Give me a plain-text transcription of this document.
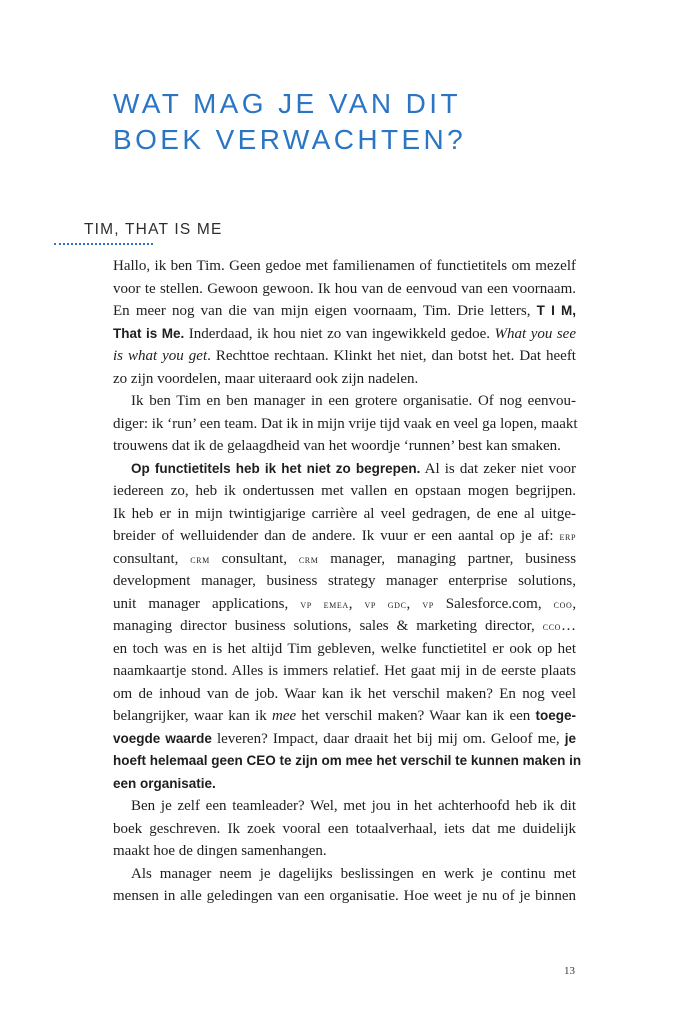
WAT MAG JE VAN DIT
BOEK VERWACHTEN?
TIM, THAT IS ME

Hallo, ik ben Tim. Geen gedoe met familienamen of functietitels om mezelf
voor te stellen. Gewoon gewoon. Ik hou van de eenvoud van een voornaam.
En meer nog van die van mijn eigen voornaam, Tim. Drie letters, T I M,
That is Me. Inderdaad, ik hou niet zo van ingewikkeld gedoe. What you see
is what you get. Rechttoe rechtaan. Klinkt het niet, dan botst het. Dat heeft
zo zijn voordelen, maar uiteraard ook zijn nadelen.

Ik ben Tim en ben manager in een grotere organisatie. Of nog eenvou-
diger: ik ‘run’ een team. Dat ik in mijn vrije tijd vaak en veel ga lopen, maakt
trouwens dat ik de gelaagdheid van het woordje ‘runnen’ best kan smaken.

Op functietitels heb ik het niet zo begrepen. Al is dat zeker niet voor
iedereen zo, heb ik ondertussen met vallen en opstaan mogen begrijpen.
Ik heb er in mijn twintigjarige carrière al veel gedragen, de ene al uitge-
breider of welluidender dan de andere. Ik vuur er een aantal op je af: erp
consultant, crm consultant, crm manager, managing partner, business
development manager, business strategy manager enterprise solutions,
unit manager applications, vp emea, vp gdc, vp Salesforce.com, coo,
managing director business solutions, sales & marketing director, cco…
en toch was en is het altijd Tim gebleven, welke functietitel er ook op het
naamkaartje stond. Alles is immers relatief. Het gaat mij in de eerste plaats
om de inhoud van de job. Waar kan ik het verschil maken? En nog veel
belangrijker, waar kan ik mee het verschil maken? Waar kan ik een toege-
voegde waarde leveren? Impact, daar draait het bij mij om. Geloof me, je
hoeft helemaal geen CEO te zijn om mee het verschil te kunnen maken in
een organisatie.

Ben je zelf een teamleader? Wel, met jou in het achterhoofd heb ik dit
boek geschreven. Ik zoek vooral een totaalverhaal, iets dat me duidelijk
maakt hoe de dingen samenhangen.

Als manager neem je dagelijks beslissingen en werk je continu met
mensen in alle geledingen van een organisatie. Hoe weet je nu of je binnen

13
